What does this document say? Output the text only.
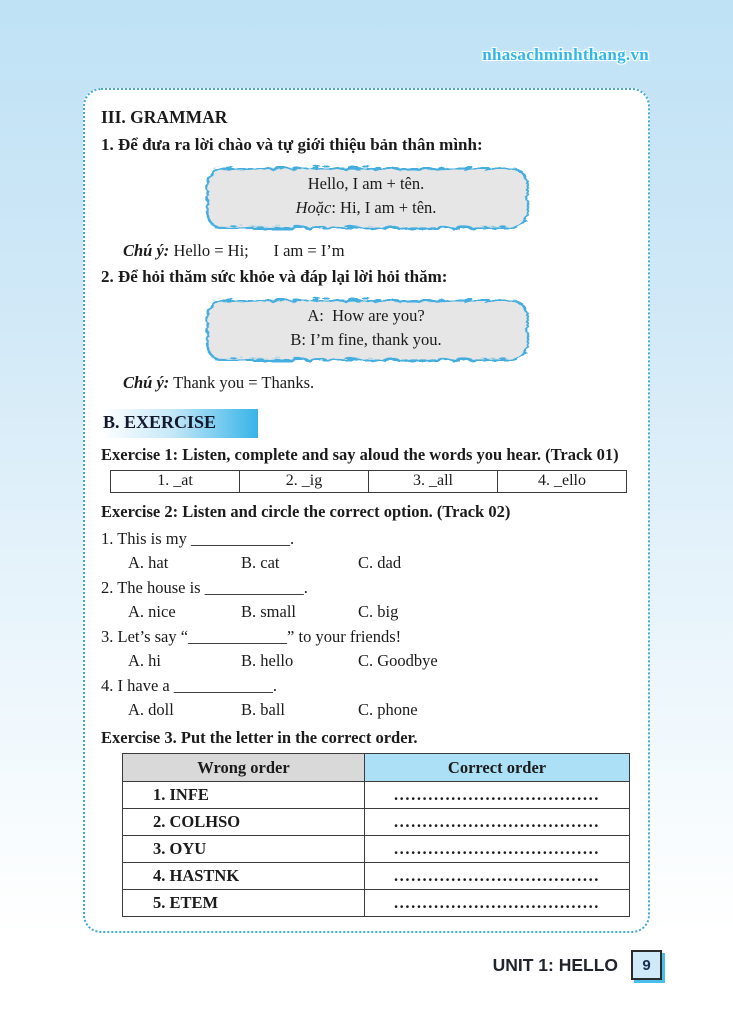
nhasachminhthang.vn
III. GRAMMAR
1. Để đưa ra lời chào và tự giới thiệu bản thân mình:
Hello, I am + tên.
Hoặc: Hi, I am + tên.
Chú ý: Hello = Hi;      I am = I’m
2. Để hỏi thăm sức khỏe và đáp lại lời hỏi thăm:
A:  How are you?
B: I’m fine, thank you.
Chú ý: Thank you = Thanks.
B. EXERCISE
Exercise 1: Listen, complete and say aloud the words you hear. (Track 01)
1. _at	2. _ig	3. _all	4. _ello
Exercise 2: Listen and circle the correct option. (Track 02)
1. This is my ____________.
A. hat	B. cat	C. dad
2. The house is ____________.
A. nice	B. small	C. big
3. Let’s say “____________” to your friends!
A. hi	B. hello	C. Goodbye
4. I have a ____________.
A. doll	B. ball	C. phone
Exercise 3. Put the letter in the correct order.
Wrong order	Correct order
1. INFE	....................................
2. COLHSO	....................................
3. OYU	....................................
4. HASTNK	....................................
5. ETEM	....................................
UNIT 1: HELLO	9
